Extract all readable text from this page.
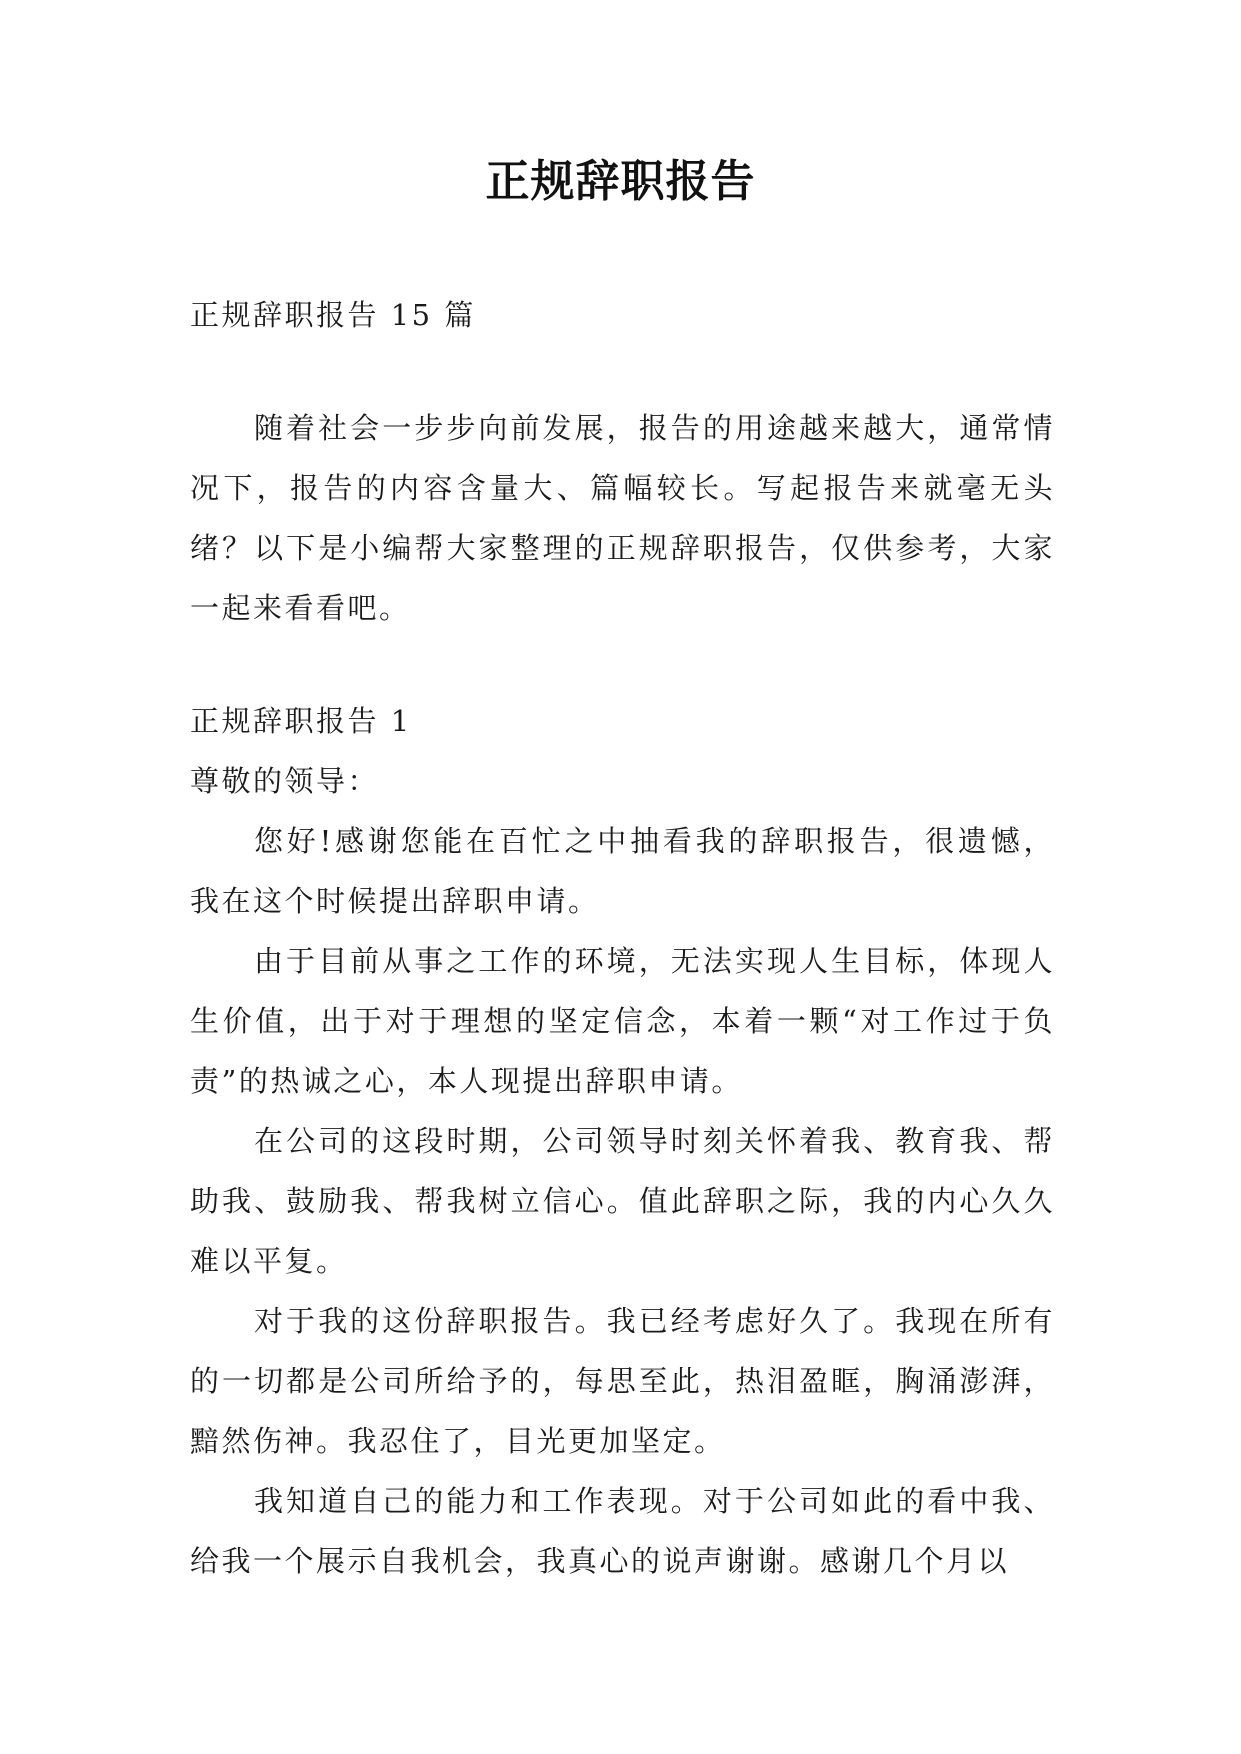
正规辞职报告

正规辞职报告 15 篇

随着社会一步步向前发展，报告的用途越来越大，通常情况下，报告的内容含量大、篇幅较长。写起报告来就毫无头绪？以下是小编帮大家整理的正规辞职报告，仅供参考，大家一起来看看吧。

正规辞职报告 1

尊敬的领导：

您好!感谢您能在百忙之中抽看我的辞职报告，很遗憾，我在这个时候提出辞职申请。

由于目前从事之工作的环境，无法实现人生目标，体现人生价值，出于对于理想的坚定信念，本着一颗“对工作过于负责”的热诚之心，本人现提出辞职申请。

在公司的这段时期，公司领导时刻关怀着我、教育我、帮助我、鼓励我、帮我树立信心。值此辞职之际，我的内心久久难以平复。

对于我的这份辞职报告。我已经考虑好久了。我现在所有的一切都是公司所给予的，每思至此，热泪盈眶，胸涌澎湃，黯然伤神。我忍住了，目光更加坚定。

我知道自己的能力和工作表现。对于公司如此的看中我、给我一个展示自我机会，我真心的说声谢谢。感谢几个月以
